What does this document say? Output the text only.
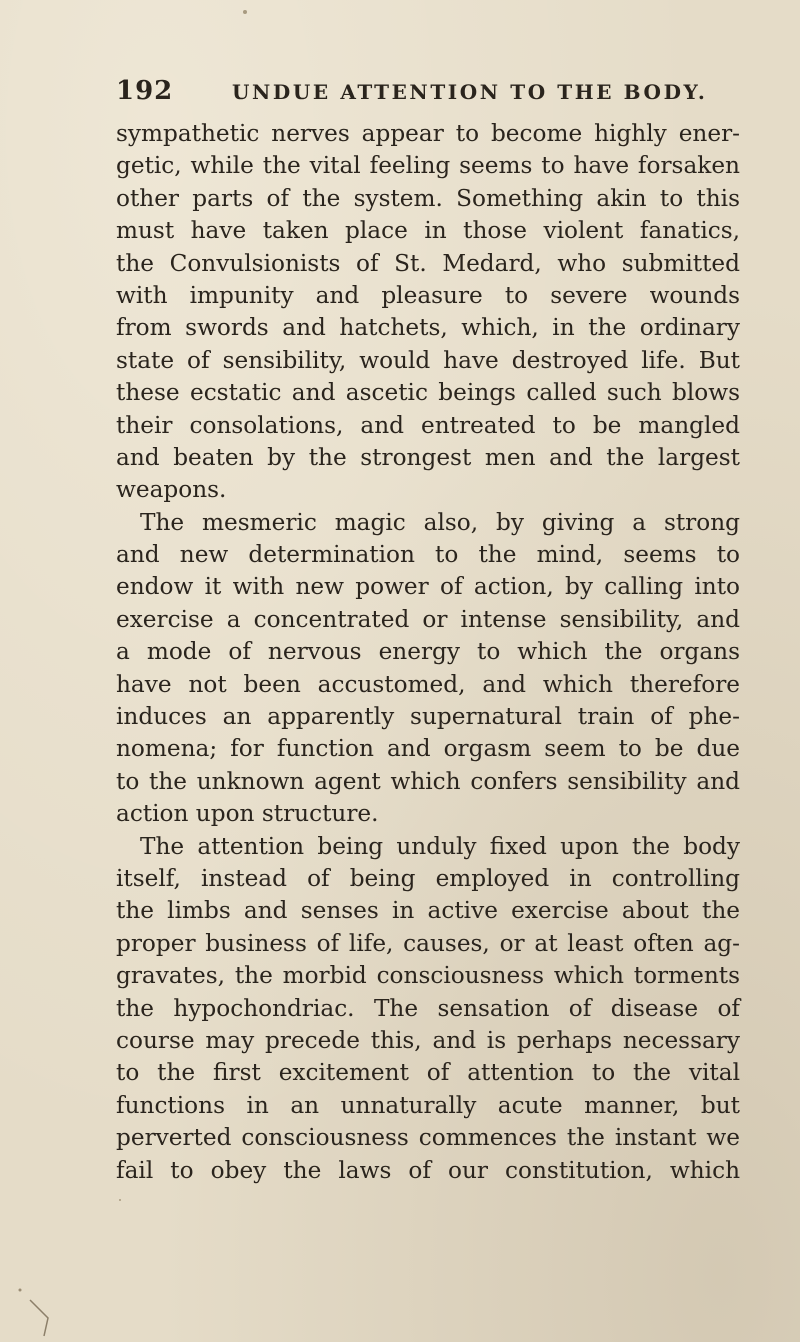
192	UNDUE ATTENTION TO THE BODY.
sympathetic nerves appear to become highly ener-
getic, while the vital feeling seems to have forsaken
other parts of the system. Something akin to this
must have taken place in those violent fanatics,
the Convulsionists of St. Medard, who submitted
with impunity and pleasure to severe wounds
from swords and hatchets, which, in the ordinary
state of sensibility, would have destroyed life. But
these ecstatic and ascetic beings called such blows
their consolations, and entreated to be mangled
and beaten by the strongest men and the largest
weapons.
The mesmeric magic also, by giving a strong
and new determination to the mind, seems to
endow it with new power of action, by calling into
exercise a concentrated or intense sensibility, and
a mode of nervous energy to which the organs
have not been accustomed, and which therefore
induces an apparently supernatural train of phe-
nomena; for function and orgasm seem to be due
to the unknown agent which confers sensibility and
action upon structure.
The attention being unduly fixed upon the body
itself, instead of being employed in controlling
the limbs and senses in active exercise about the
proper business of life, causes, or at least often ag-
gravates, the morbid consciousness which torments
the hypochondriac. The sensation of disease of
course may precede this, and is perhaps necessary
to the first excitement of attention to the vital
functions in an unnaturally acute manner, but
perverted consciousness commences the instant we
fail to obey the laws of our constitution, which
